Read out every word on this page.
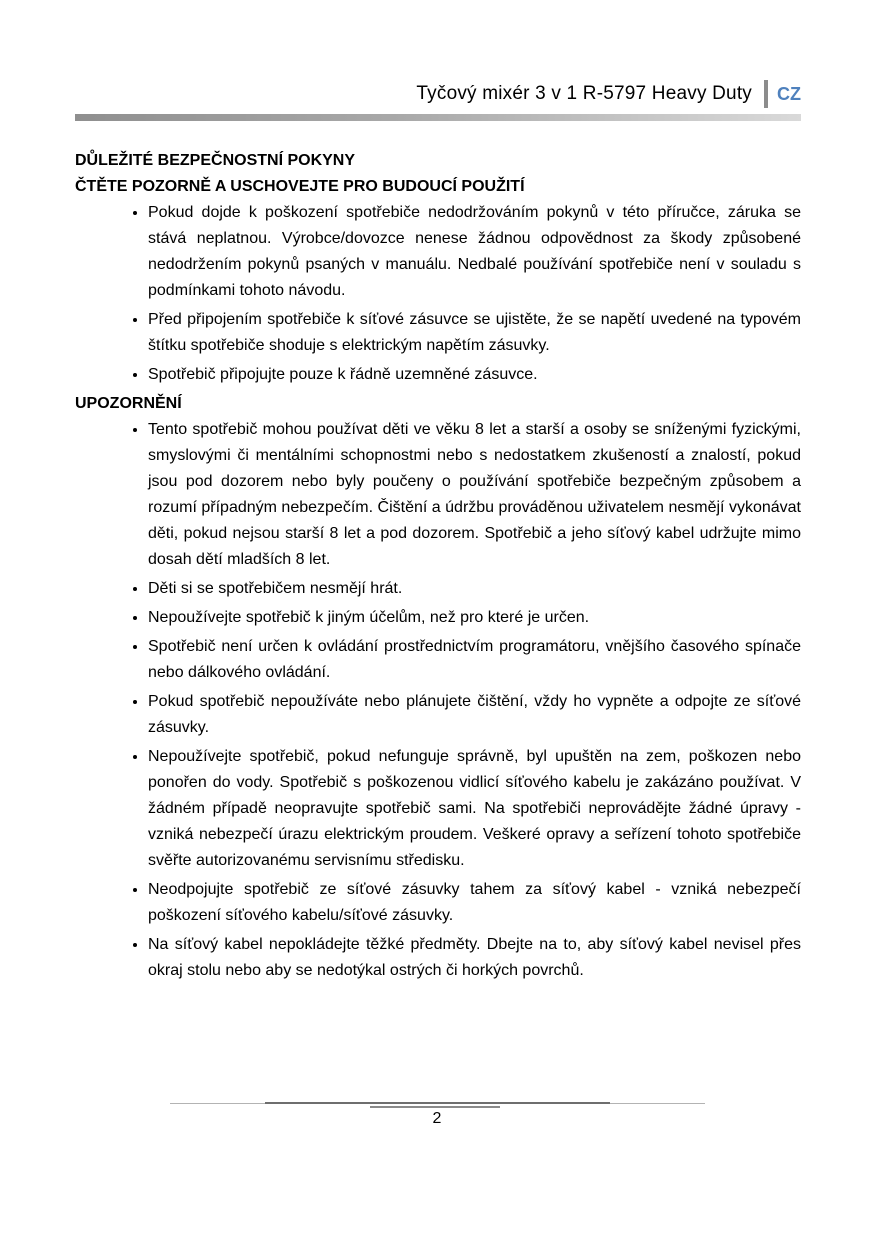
Tyčový mixér 3 v 1 R-5797 Heavy Duty CZ

DŮLEŽITÉ BEZPEČNOSTNÍ POKYNY

ČTĚTE POZORNĚ A USCHOVEJTE PRO BUDOUCÍ POUŽITÍ

• Pokud dojde k poškození spotřebiče nedodržováním pokynů v této příručce, záruka se stává neplatnou. Výrobce/dovozce nenese žádnou odpovědnost za škody způsobené nedodržením pokynů psaných v manuálu. Nedbalé používání spotřebiče není v souladu s podmínkami tohoto návodu.
• Před připojením spotřebiče k síťové zásuvce se ujistěte, že se napětí uvedené na typovém štítku spotřebiče shoduje s elektrickým napětím zásuvky.
• Spotřebič připojujte pouze k řádně uzemněné zásuvce.

UPOZORNĚNÍ

• Tento spotřebič mohou používat děti ve věku 8 let a starší a osoby se sníženými fyzickými, smyslovými či mentálními schopnostmi nebo s nedostatkem zkušeností a znalostí, pokud jsou pod dozorem nebo byly poučeny o používání spotřebiče bezpečným způsobem a rozumí případným nebezpečím. Čištění a údržbu prováděnou uživatelem nesmějí vykonávat děti, pokud nejsou starší 8 let a pod dozorem. Spotřebič a jeho síťový kabel udržujte mimo dosah dětí mladších 8 let.
• Děti si se spotřebičem nesmějí hrát.
• Nepoužívejte spotřebič k jiným účelům, než pro které je určen.
• Spotřebič není určen k ovládání prostřednictvím programátoru, vnějšího časového spínače nebo dálkového ovládání.
• Pokud spotřebič nepoužíváte nebo plánujete čištění, vždy ho vypněte a odpojte ze síťové zásuvky.
• Nepoužívejte spotřebič, pokud nefunguje správně, byl upuštěn na zem, poškozen nebo ponořen do vody. Spotřebič s poškozenou vidlicí síťového kabelu je zakázáno používat. V žádném případě neopravujte spotřebič sami. Na spotřebiči neprovádějte žádné úpravy - vzniká nebezpečí úrazu elektrickým proudem. Veškeré opravy a seřízení tohoto spotřebiče svěřte autorizovanému servisnímu středisku.
• Neodpojujte spotřebič ze síťové zásuvky tahem za síťový kabel - vzniká nebezpečí poškození síťového kabelu/síťové zásuvky.
• Na síťový kabel nepokládejte těžké předměty. Dbejte na to, aby síťový kabel nevisel přes okraj stolu nebo aby se nedotýkal ostrých či horkých povrchů.
2
